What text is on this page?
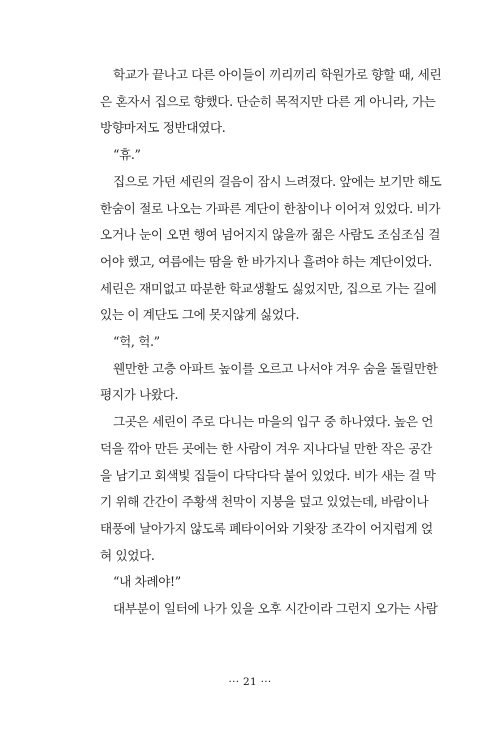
학교가 끝나고 다른 아이들이 끼리끼리 학원가로 향할 때, 세린
은 혼자서 집으로 향했다. 단순히 목적지만 다른 게 아니라, 가는
방향마저도 정반대였다.

“휴.”

집으로 가던 세린의 걸음이 잠시 느려졌다. 앞에는 보기만 해도
한숨이 절로 나오는 가파른 계단이 한참이나 이어져 있었다. 비가
오거나 눈이 오면 행여 넘어지지 않을까 젊은 사람도 조심조심 걸
어야 했고, 여름에는 땀을 한 바가지나 흘려야 하는 계단이었다.
세린은 재미없고 따분한 학교생활도 싫었지만, 집으로 가는 길에
있는 이 계단도 그에 못지않게 싫었다.

“헉, 헉.”

웬만한 고층 아파트 높이를 오르고 나서야 겨우 숨을 돌릴만한
평지가 나왔다.

그곳은 세린이 주로 다니는 마을의 입구 중 하나였다. 높은 언
덕을 깎아 만든 곳에는 한 사람이 겨우 지나다닐 만한 작은 공간
을 남기고 회색빛 집들이 다닥다닥 붙어 있었다. 비가 새는 걸 막
기 위해 간간이 주황색 천막이 지붕을 덮고 있었는데, 바람이나
태풍에 날아가지 않도록 폐타이어와 기왓장 조각이 어지럽게 얹
혀 있었다.

“내 차례야!”

대부분이 일터에 나가 있을 오후 시간이라 그런지 오가는 사람

··· 21 ···
